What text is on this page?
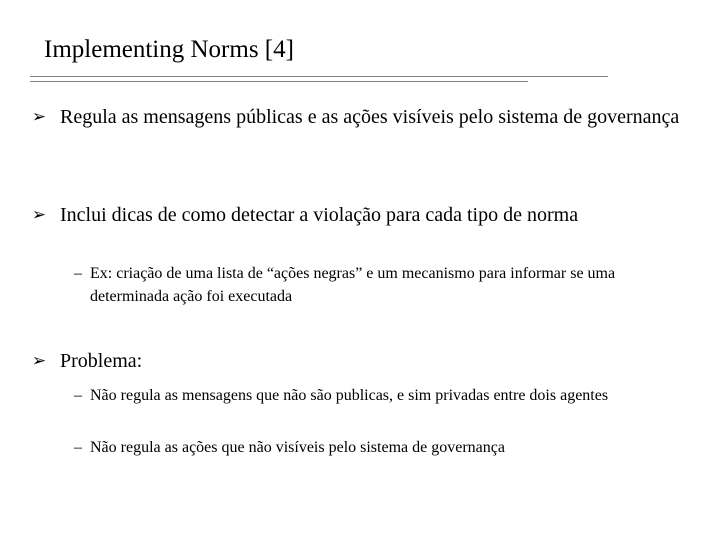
Implementing Norms [4]
➢ Regula as mensagens públicas e as ações visíveis pelo sistema de governança
➢ Inclui dicas de como detectar a violação para cada tipo de norma
– Ex: criação de uma lista de “ações negras” e um mecanismo para informar se uma determinada ação foi executada
➢ Problema:
– Não regula as mensagens que não são publicas, e sim privadas entre dois agentes
– Não regula as ações que não visíveis pelo sistema de governança
